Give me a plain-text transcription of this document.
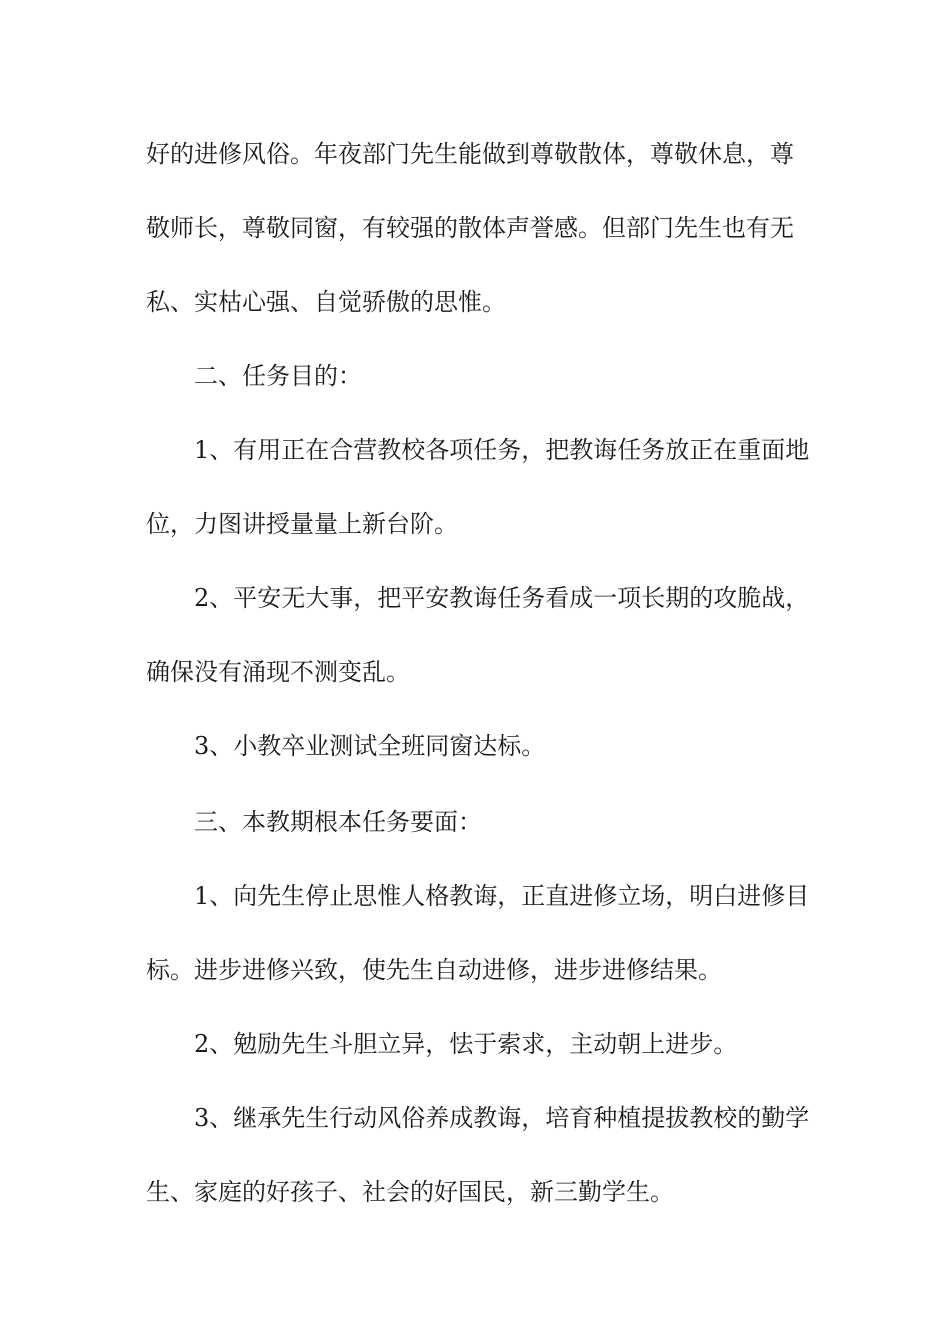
好的进修风俗。年夜部门先生能做到尊敬散体，尊敬休息，尊

敬师长，尊敬同窗，有较强的散体声誉感。但部门先生也有无

私、实枯心强、自觉骄傲的思惟。

二、任务目的：

1、有用正在合营教校各项任务，把教诲任务放正在重面地

位，力图讲授量量上新台阶。

2、平安无大事，把平安教诲任务看成一项长期的攻脆战，

确保没有涌现不测变乱。

3、小教卒业测试全班同窗达标。

三、本教期根本任务要面：

1、向先生停止思惟人格教诲，正直进修立场，明白进修目

标。进步进修兴致，使先生自动进修，进步进修结果。

2、勉励先生斗胆立异，怯于索求，主动朝上进步。

3、继承先生行动风俗养成教诲，培育种植提拔教校的勤学

生、家庭的好孩子、社会的好国民，新三勤学生。
